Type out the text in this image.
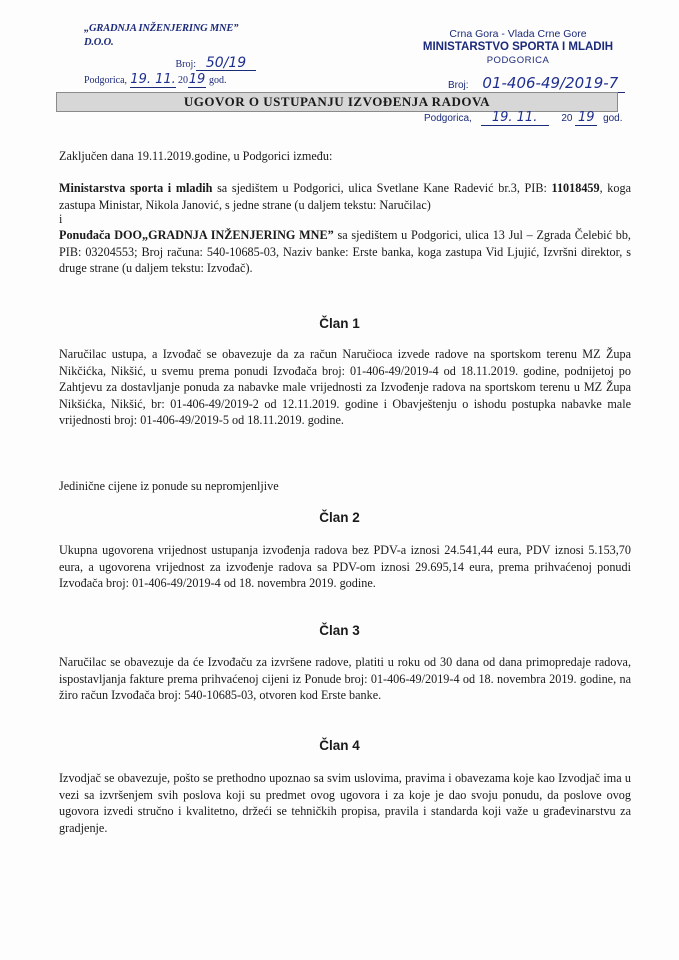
„GRADNJA INŽENJERING MNE” D.O.O.
Broj: 50/19
Podgorica, 19. 11. 20 19 god.
Crna Gora - Vlada Crne Gore
MINISTARSTVO SPORTA I MLADIH
PODGORICA
Broj: 01-406-49/2019-7
UGOVOR O USTUPANJU IZVOĐENJA RADOVA
Podgorica, 19. 11. 20 19 god.

Zaključen dana 19.11.2019.godine, u Podgorici između:

Ministarstva sporta i mladih sa sjedištem u Podgorici, ulica Svetlane Kane Radević br.3, PIB: 11018459, koga zastupa Ministar, Nikola Janović, s jedne strane (u daljem tekstu: Naručilac)

i

Ponuđača DOO„GRADNJA INŽENJERING MNE” sa sjedištem u Podgorici, ulica 13 Jul – Zgrada Čelebić bb, PIB: 03204553; Broj računa: 540-10685-03, Naziv banke: Erste banka, koga zastupa Vid Ljujić, Izvršni direktor, s druge strane (u daljem tekstu: Izvođač).

Član 1

Naručilac ustupa, a Izvođač se obavezuje da za račun Naručioca izvede radove na sportskom terenu MZ Župa Nikčićka, Nikšić, u svemu prema ponudi Izvođača broj: 01-406-49/2019-4 od 18.11.2019. godine, podnijetoj po Zahtjevu za dostavljanje ponuda za nabavke male vrijednosti za Izvođenje radova na sportskom terenu u MZ Župa Nikšićka, Nikšić, br: 01-406-49/2019-2 od 12.11.2019. godine i Obavještenju o ishodu postupka nabavke male vrijednosti broj: 01-406-49/2019-5 od 18.11.2019. godine.

Jedinične cijene iz ponude su nepromjenljive

Član 2

Ukupna ugovorena vrijednost ustupanja izvođenja radova bez PDV-a iznosi 24.541,44 eura, PDV iznosi 5.153,70 eura, a ugovorena vrijednost za izvođenje radova sa PDV-om iznosi 29.695,14 eura, prema prihvaćenoj ponudi Izvođača broj: 01-406-49/2019-4 od 18. novembra 2019. godine.

Član 3

Naručilac se obavezuje da će Izvođaču za izvršene radove, platiti u roku od 30 dana od dana primopredaje radova, ispostavljanja fakture prema prihvaćenoj cijeni iz Ponude broj: 01-406-49/2019-4 od 18. novembra 2019. godine, na žiro račun Izvođača broj: 540-10685-03, otvoren kod Erste banke.

Član 4

Izvodjač se obavezuje, pošto se prethodno upoznao sa svim uslovima, pravima i obavezama koje kao Izvodjač ima u vezi sa izvršenjem svih poslova koji su predmet ovog ugovora i za koje je dao svoju ponudu, da poslove ovog ugovora izvedi stručno i kvalitetno, držeći se tehničkih propisa, pravila i standarda koji važe u građevinarstvu za gradjenje.
